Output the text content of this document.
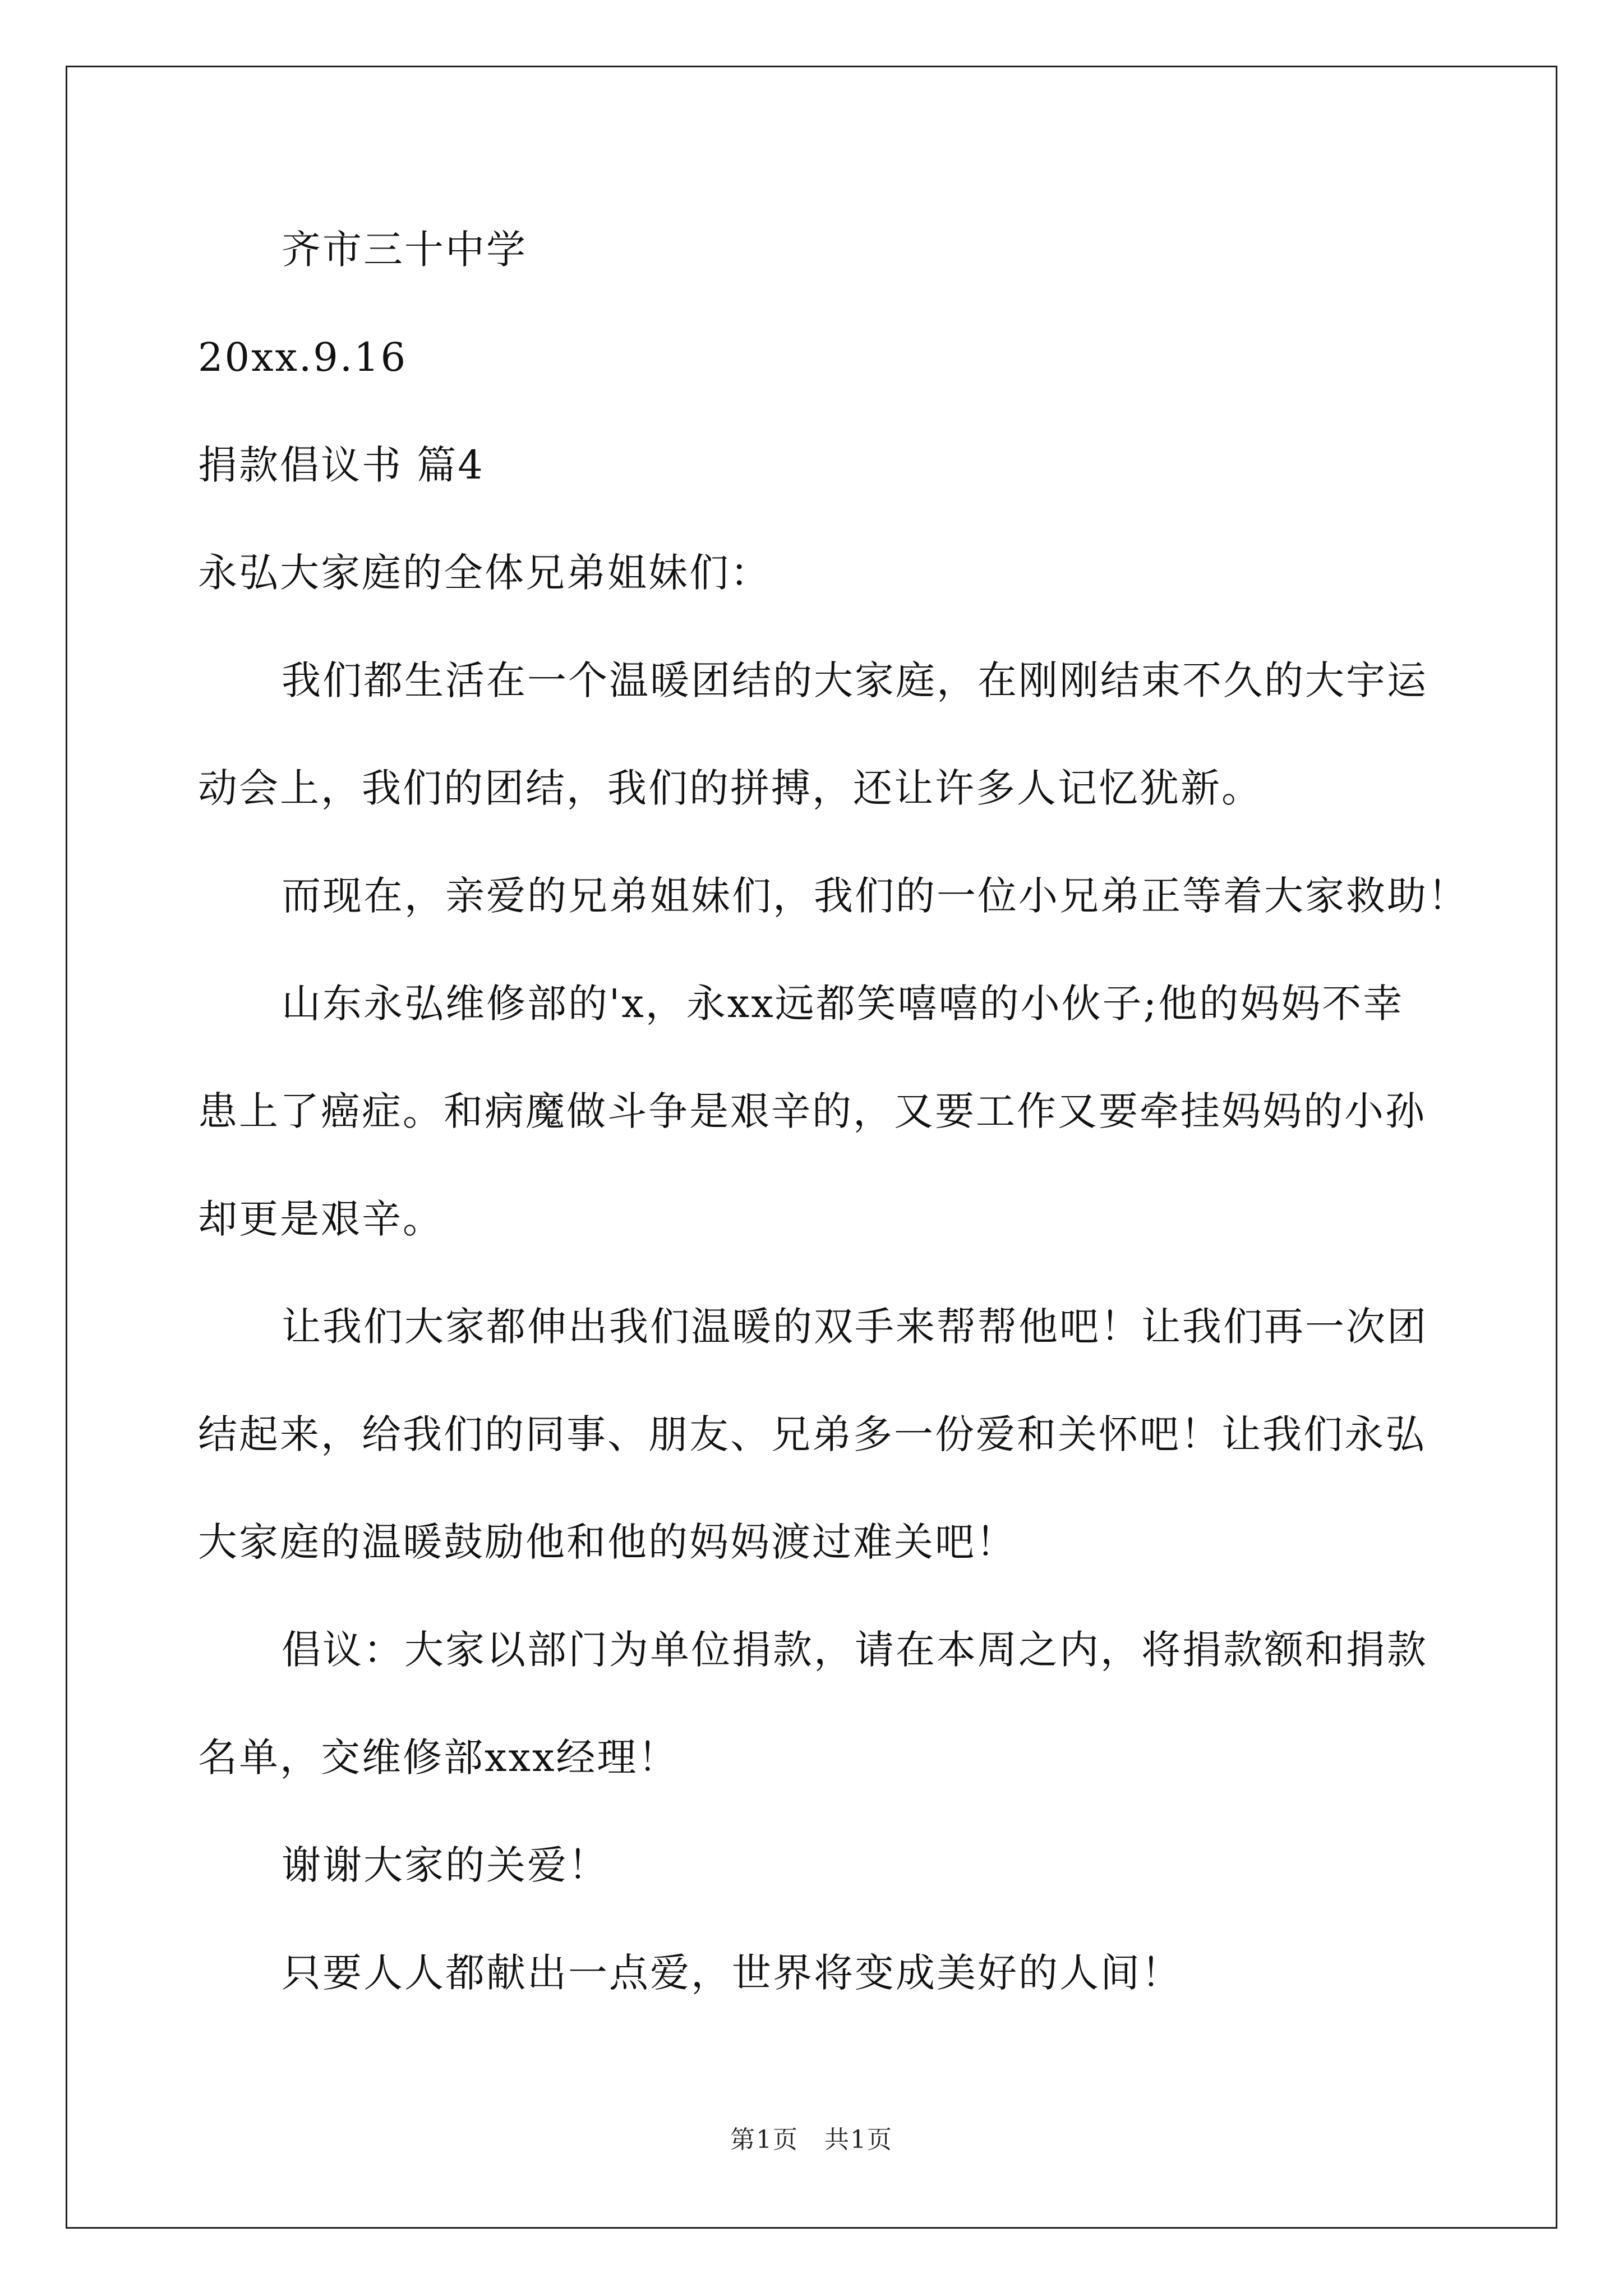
齐市三十中学
20xx.9.16
捐款倡议书 篇4
永弘大家庭的全体兄弟姐妹们：
我们都生活在一个温暖团结的大家庭，在刚刚结束不久的大宇运
动会上，我们的团结，我们的拼搏，还让许多人记忆犹新。
而现在，亲爱的兄弟姐妹们，我们的一位小兄弟正等着大家救助！
山东永弘维修部的'x，永xx远都笑嘻嘻的小伙子;他的妈妈不幸
患上了癌症。和病魔做斗争是艰辛的，又要工作又要牵挂妈妈的小孙
却更是艰辛。
让我们大家都伸出我们温暖的双手来帮帮他吧！让我们再一次团
结起来，给我们的同事、朋友、兄弟多一份爱和关怀吧！让我们永弘
大家庭的温暖鼓励他和他的妈妈渡过难关吧！
倡议：大家以部门为单位捐款，请在本周之内，将捐款额和捐款
名单，交维修部xxx经理！
谢谢大家的关爱！
只要人人都献出一点爱，世界将变成美好的人间！
第1页　共1页
